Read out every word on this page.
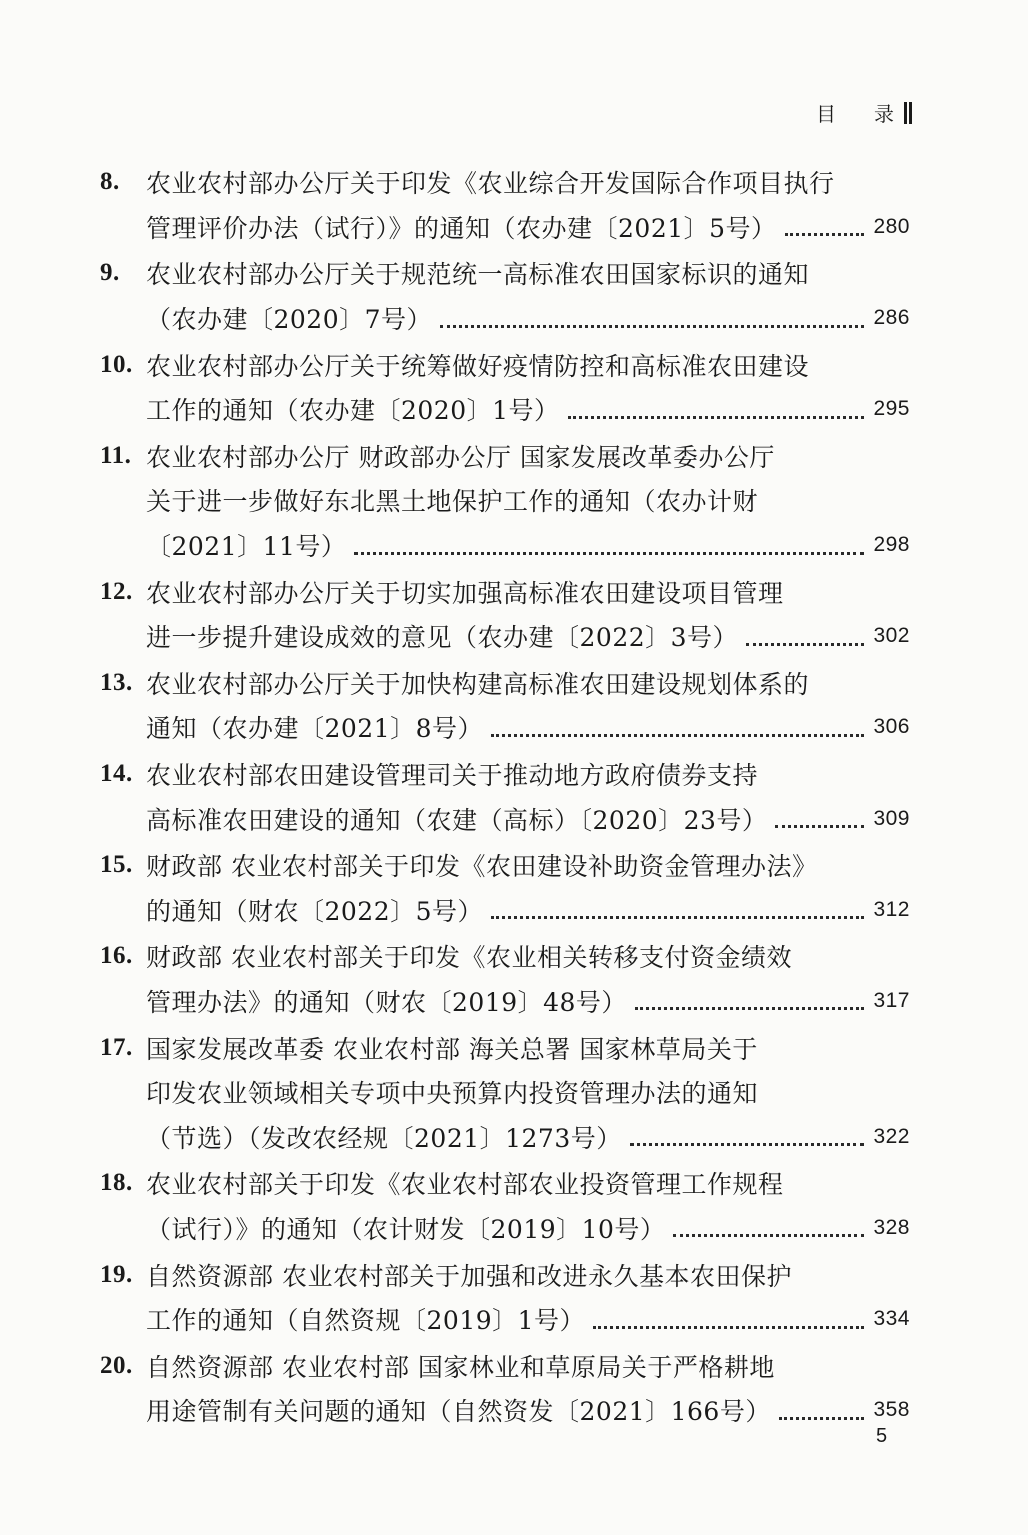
目 录
8.	农业农村部办公厅关于印发《农业综合开发国际合作项目执行
管理评价办法（试行）》的通知（农办建〔2021〕5号）	280
9.	农业农村部办公厅关于规范统一高标准农田国家标识的通知
（农办建〔2020〕7号）	286
10. 农业农村部办公厅关于统筹做好疫情防控和高标准农田建设
工作的通知（农办建〔2020〕1号）	295
11. 农业农村部办公厅 财政部办公厅 国家发展改革委办公厅
关于进一步做好东北黑土地保护工作的通知（农办计财
〔2021〕11号）	298
12. 农业农村部办公厅关于切实加强高标准农田建设项目管理
进一步提升建设成效的意见（农办建〔2022〕3号）	302
13. 农业农村部办公厅关于加快构建高标准农田建设规划体系的
通知（农办建〔2021〕8号）	306
14. 农业农村部农田建设管理司关于推动地方政府债券支持
高标准农田建设的通知（农建（高标）〔2020〕23号）	309
15. 财政部 农业农村部关于印发《农田建设补助资金管理办法》
的通知（财农〔2022〕5号）	312
16. 财政部 农业农村部关于印发《农业相关转移支付资金绩效
管理办法》的通知（财农〔2019〕48号）	317
17. 国家发展改革委 农业农村部 海关总署 国家林草局关于
印发农业领域相关专项中央预算内投资管理办法的通知
（节选）（发改农经规〔2021〕1273号）	322
18. 农业农村部关于印发《农业农村部农业投资管理工作规程
（试行）》的通知（农计财发〔2019〕10号）	328
19. 自然资源部 农业农村部关于加强和改进永久基本农田保护
工作的通知（自然资规〔2019〕1号）	334
20. 自然资源部 农业农村部 国家林业和草原局关于严格耕地
用途管制有关问题的通知（自然资发〔2021〕166号）	358
5
